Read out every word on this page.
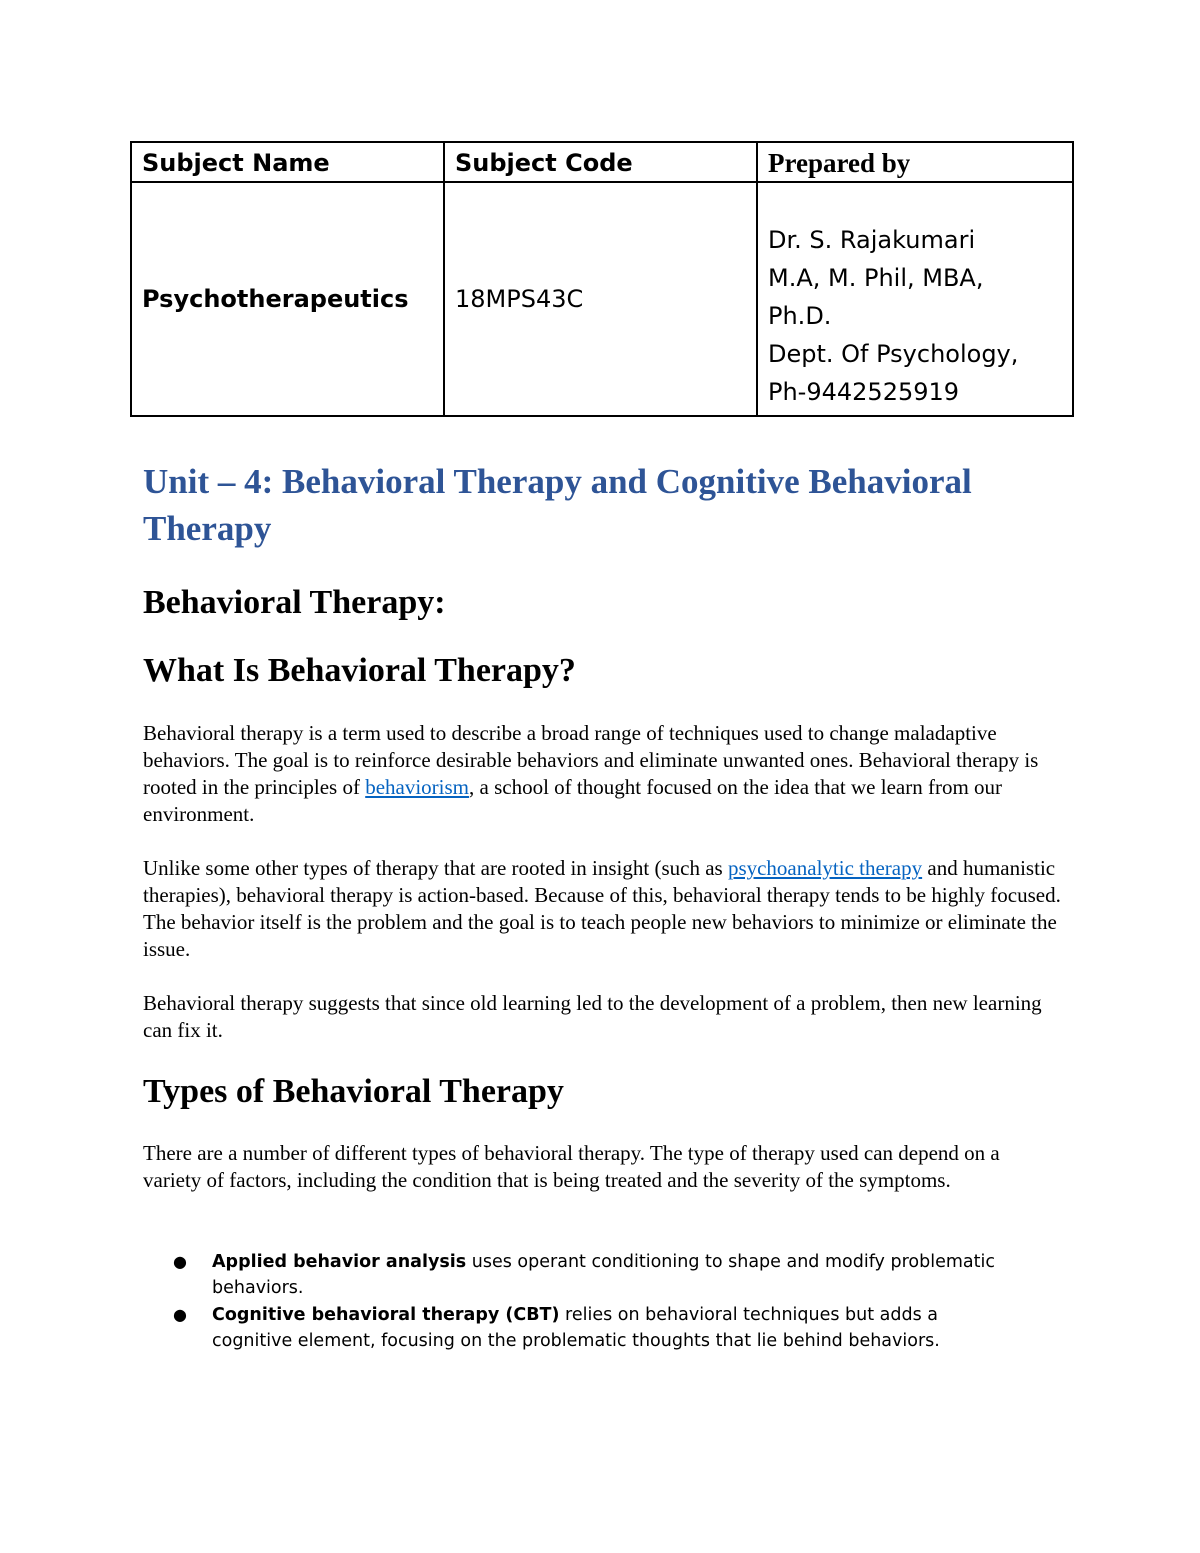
Subject Name	Subject Code	Prepared by
Psychotherapeutics	18MPS43C	Dr. S. Rajakumari
M.A, M. Phil, MBA,
Ph.D.
Dept. Of Psychology,
Ph-9442525919
Unit – 4: Behavioral Therapy and Cognitive Behavioral Therapy
Behavioral Therapy:
What Is Behavioral Therapy?

Behavioral therapy is a term used to describe a broad range of techniques used to change maladaptive behaviors. The goal is to reinforce desirable behaviors and eliminate unwanted ones. Behavioral therapy is rooted in the principles of behaviorism, a school of thought focused on the idea that we learn from our environment.

Unlike some other types of therapy that are rooted in insight (such as psychoanalytic therapy and humanistic therapies), behavioral therapy is action-based. Because of this, behavioral therapy tends to be highly focused. The behavior itself is the problem and the goal is to teach people new behaviors to minimize or eliminate the issue.

Behavioral therapy suggests that since old learning led to the development of a problem, then new learning can fix it.

Types of Behavioral Therapy

There are a number of different types of behavioral therapy. The type of therapy used can depend on a variety of factors, including the condition that is being treated and the severity of the symptoms.

● Applied behavior analysis uses operant conditioning to shape and modify problematic behaviors.
● Cognitive behavioral therapy (CBT) relies on behavioral techniques but adds a cognitive element, focusing on the problematic thoughts that lie behind behaviors.
